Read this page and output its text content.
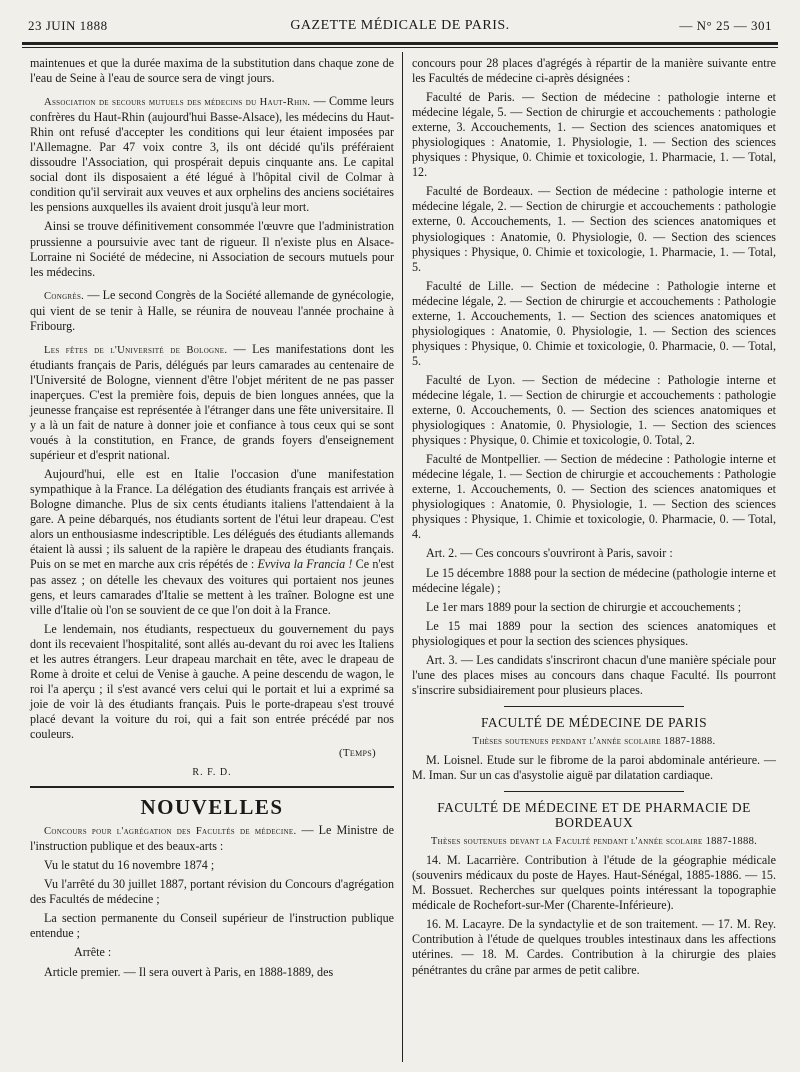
23 JUIN 1888	GAZETTE MÉDICALE DE PARIS.	— N° 25 — 301

maintenues et que la durée maxima de la substitution dans chaque zone de l'eau de Seine à l'eau de source sera de vingt jours.

Association de secours mutuels des médecins du Haut-Rhin. — Comme leurs confrères du Haut-Rhin (aujourd'hui Basse-Alsace), les médecins du Haut-Rhin ont refusé d'accepter les conditions qui leur étaient imposées par l'Allemagne. Par 47 voix contre 3, ils ont décidé qu'ils préféraient dissoudre l'Association, qui prospérait depuis cinquante ans. Le capital social dont ils disposaient a été légué à l'hôpital civil de Colmar à condition qu'il servirait aux veuves et aux orphelins des anciens sociétaires les pensions auxquelles ils avaient droit jusqu'à leur mort.

Ainsi se trouve définitivement consommée l'œuvre que l'administration prussienne a poursuivie avec tant de rigueur. Il n'existe plus en Alsace-Lorraine ni Société de médecine, ni Association de secours mutuels pour les médecins.

Congrès. — Le second Congrès de la Société allemande de gynécologie, qui vient de se tenir à Halle, se réunira de nouveau l'année prochaine à Fribourg.

Les fêtes de l'Université de Bologne. — Les manifestations dont les étudiants français de Paris, délégués par leurs camarades au centenaire de l'Université de Bologne, viennent d'être l'objet méritent de ne pas passer inaperçues. C'est la première fois, depuis de bien longues années, que la jeunesse française est représentée à l'étranger dans une fête universitaire. Il y a là un fait de nature à donner joie et confiance à tous ceux qui se sont voués à la constitution, en France, de grands foyers d'enseignement supérieur et d'esprit national.

Aujourd'hui, elle est en Italie l'occasion d'une manifestation sympathique à la France. La délégation des étudiants français est arrivée à Bologne dimanche. Plus de six cents étudiants italiens l'attendaient à la gare. A peine débarqués, nos étudiants sortent de l'étui leur drapeau. C'est alors un enthousiasme indescriptible. Les délégués des étudiants allemands étaient là aussi ; ils saluent de la rapière le drapeau des étudiants français. Puis on se met en marche aux cris répétés de : Evviva la Francia ! Ce n'est pas assez ; on dételle les chevaux des voitures qui portaient nos jeunes gens, et leurs camarades d'Italie se mettent à les traîner. Bologne est une ville d'Italie où l'on se souvient de ce que l'on doit à la France.

Le lendemain, nos étudiants, respectueux du gouvernement du pays dont ils recevaient l'hospitalité, sont allés au-devant du roi avec les Italiens et les autres étrangers. Leur drapeau marchait en tête, avec le drapeau de Rome à droite et celui de Venise à gauche. A peine descendu de wagon, le roi l'a aperçu ; il s'est avancé vers celui qui le portait et lui a exprimé sa joie de voir là des étudiants français. Puis le porte-drapeau s'est trouvé placé devant la voiture du roi, qui a fait son entrée précédé par nos couleurs.

(Temps)

R. F. D.

NOUVELLES

Concours pour l'agrégation des Facultés de médecine. — Le Ministre de l'instruction publique et des beaux-arts :

Vu le statut du 16 novembre 1874 ;

Vu l'arrêté du 30 juillet 1887, portant révision du Concours d'agrégation des Facultés de médecine ;

La section permanente du Conseil supérieur de l'instruction publique entendue ;

Arrête :

Article premier. — Il sera ouvert à Paris, en 1888-1889, des

concours pour 28 places d'agrégés à répartir de la manière suivante entre les Facultés de médecine ci-après désignées :

Faculté de Paris. — Section de médecine : pathologie interne et médecine légale, 5. — Section de chirurgie et accouchements : pathologie externe, 3. Accouchements, 1. — Section des sciences anatomiques et physiologiques : Anatomie, 1. Physiologie, 1. — Section des sciences physiques : Physique, 0. Chimie et toxicologie, 1. Pharmacie, 1. — Total, 12.

Faculté de Bordeaux. — Section de médecine : pathologie interne et médecine légale, 2. — Section de chirurgie et accouchements : pathologie externe, 0. Accouchements, 1. — Section des sciences anatomiques et physiologiques : Anatomie, 0. Physiologie, 0. — Section des sciences physiques : Physique, 0. Chimie et toxicologie, 1. Pharmacie, 1. — Total, 5.

Faculté de Lille. — Section de médecine : Pathologie interne et médecine légale, 2. — Section de chirurgie et accouchements : Pathologie externe, 1. Accouchements, 1. — Section des sciences anatomiques et physiologiques : Anatomie, 0. Physiologie, 1. — Section des sciences physiques : Physique, 0. Chimie et toxicologie, 0. Pharmacie, 0. — Total, 5.

Faculté de Lyon. — Section de médecine : Pathologie interne et médecine légale, 1. — Section de chirurgie et accouchements : pathologie externe, 0. Accouchements, 0. — Section des sciences anatomiques et physiologiques : Anatomie, 0. Physiologie, 1. — Section des sciences physiques : Physique, 0. Chimie et toxicologie, 0. Total, 2.

Faculté de Montpellier. — Section de médecine : Pathologie interne et médecine légale, 1. — Section de chirurgie et accouchements : Pathologie externe, 1. Accouchements, 0. — Section des sciences anatomiques et physiologiques : Anatomie, 0. Physiologie, 1. — Section des sciences physiques : Physique, 1. Chimie et toxicologie, 0. Pharmacie, 0. — Total, 4.

Art. 2. — Ces concours s'ouvriront à Paris, savoir :

Le 15 décembre 1888 pour la section de médecine (pathologie interne et médecine légale) ;

Le 1er mars 1889 pour la section de chirurgie et accouchements ;

Le 15 mai 1889 pour la section des sciences anatomiques et physiologiques et pour la section des sciences physiques.

Art. 3. — Les candidats s'inscriront chacun d'une manière spéciale pour l'une des places mises au concours dans chaque Faculté. Ils pourront s'inscrire subsidiairement pour plusieurs places.

FACULTÉ DE MÉDECINE DE PARIS
Thèses soutenues pendant l'année scolaire 1887-1888.

M. Loisnel. Etude sur le fibrome de la paroi abdominale antérieure. — M. Iman. Sur un cas d'asystolie aiguë par dilatation cardiaque.

FACULTÉ DE MÉDECINE ET DE PHARMACIE DE BORDEAUX
Thèses soutenues devant la Faculté pendant l'année scolaire 1887-1888.

14. M. Lacarrière. Contribution à l'étude de la géographie médicale (souvenirs médicaux du poste de Hayes. Haut-Sénégal, 1885-1886. — 15. M. Bossuet. Recherches sur quelques points intéressant la topographie médicale de Rochefort-sur-Mer (Charente-Inférieure).

16. M. Lacayre. De la syndactylie et de son traitement. — 17. M. Rey. Contribution à l'étude de quelques troubles intestinaux dans les affections utérines. — 18. M. Cardes. Contribution à la chirurgie des plaies pénétrantes du crâne par armes de petit calibre.
